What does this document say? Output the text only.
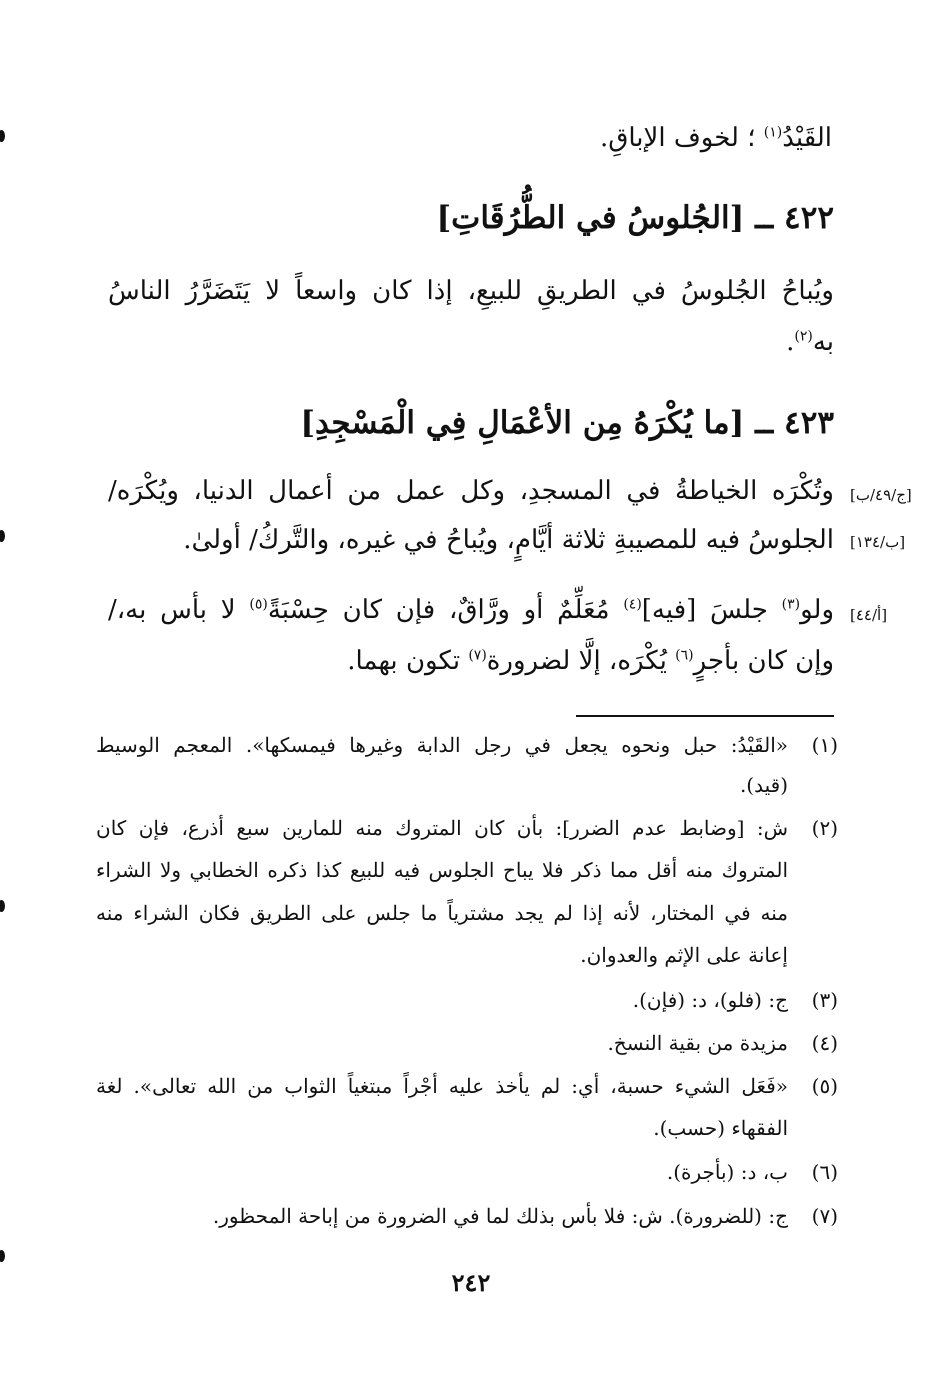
القَيْدُ$^{(١)}$ ؛ لخوف الإباقِ.
٤٢٢ ــ [الجُلوسُ في الطُّرُقَاتِ]
ويُباحُ الجُلوسُ في الطريقِ للبيعِ، إذا كان واسعاً لا يَتَضَرَّرُ الناسُ
به$^{(٢)}$.
٤٢٣ ــ [ما يُكْرَهُ مِن الأعْمَالِ فِي الْمَسْجِدِ]
[ج/٤٩/ب]
وتُكْرَه الخياطةُ في المسجدِ، وكل عمل من أعمال الدنيا، ويُكْرَه/
[ب/١٣٤]
الجلوسُ فيه للمصيبةِ ثلاثة أيَّامٍ، ويُباحُ في غيره، والتَّركُ/ أولىٰ.
[أ/٤٤]
ولو$^{(٣)}$ جلسَ [فيه]$^{(٤)}$ مُعَلِّمٌ أو ورَّاقٌ، فإن كان حِسْبَةً$^{(٥)}$ لا بأس به،/
وإن كان بأجرٍ$^{(٦)}$ يُكْرَه، إلَّا لضرورة$^{(٧)}$ تكون بهما.
(١)
«القَيْدُ: حبل ونحوه يجعل في رجل الدابة وغيرها فيمسكها». المعجم الوسيط
(قيد).
(٢)
ش: [وضابط عدم الضرر]: بأن كان المتروك منه للمارين سبع أذرع، فإن كان
المتروك منه أقل مما ذكر فلا يباح الجلوس فيه للبيع كذا ذكره الخطابي ولا الشراء
منه في المختار، لأنه إذا لم يجد مشترياً ما جلس على الطريق فكان الشراء منه
إعانة على الإثم والعدوان.
(٣)
ج: (فلو)، د: (فإن).
(٤)
مزيدة من بقية النسخ.
(٥)
«فَعَل الشيء حسبة، أي: لم يأخذ عليه أجْراً مبتغياً الثواب من الله تعالى». لغة
الفقهاء (حسب).
(٦)
ب، د: (بأجرة).
(٧)
ج: (للضرورة). ش: فلا بأس بذلك لما في الضرورة من إباحة المحظور.
٢٤٢
